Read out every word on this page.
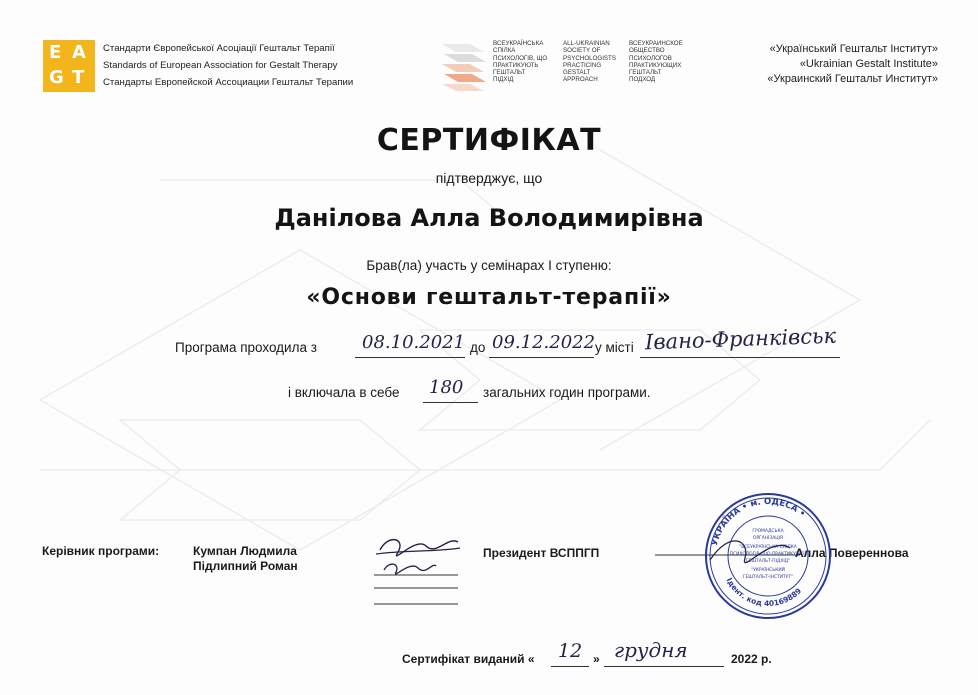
E A
G T
Стандарти Європейської Асоціації Гештальт Терапії
Standards of European Association for Gestalt Therapy
Стандарты Европейской Ассоциации Гештальт Терапии
ВСЕУКРАЇНСЬКА
СПІЛКА
ПСИХОЛОГІВ, ЩО
ПРАКТИКУЮТЬ
ГЕШТАЛЬТ
ПІДХІД
ALL-UKRAINIAN
SOCIETY OF
PSYCHOLOGISTS
PRACTICING
GESTALT
APPROACH
ВСЕУКРАИНСКОЕ
ОБЩЕСТВО
ПСИХОЛОГОВ
ПРАКТИКУЮЩИХ
ГЕШТАЛЬТ
ПОДХОД
«Український Гештальт Інститут»
«Ukrainian Gestalt Institute»
«Украинский Гештальт Институт»
СЕРТИФІКАТ
підтверджує, що
Данілова Алла Володимирівна
Брав(ла) участь у семінарах І ступеню:
«Основи гештальт-терапії»
Програма проходила з	08.10.2021 до 09.12.2022 у місті Івано-Франківськ
і включала в себе 180 загальних годин програми.
Керівник програми:	Кумпан Людмила
Підлипний Роман
Президент ВСППГП	Алла Повереннова
УКРАЇНА • м. ОДЕСА •
Ідент. код 40169889
ГРОМАДСЬКА
ОРГАНІЗАЦІЯ
"ВСЕУКРАЇНСЬКА СПІЛКА
ПСИХОЛОГІВ, ЩО ПРАКТИКУЮТЬ
ГЕШТАЛЬТ-ПІДХІД"
"УКРАЇНСЬКИЙ
ГЕШТАЛЬТ-ІНСТИТУТ"
Сертифікат виданий « 12 » грудня	2022 р.
